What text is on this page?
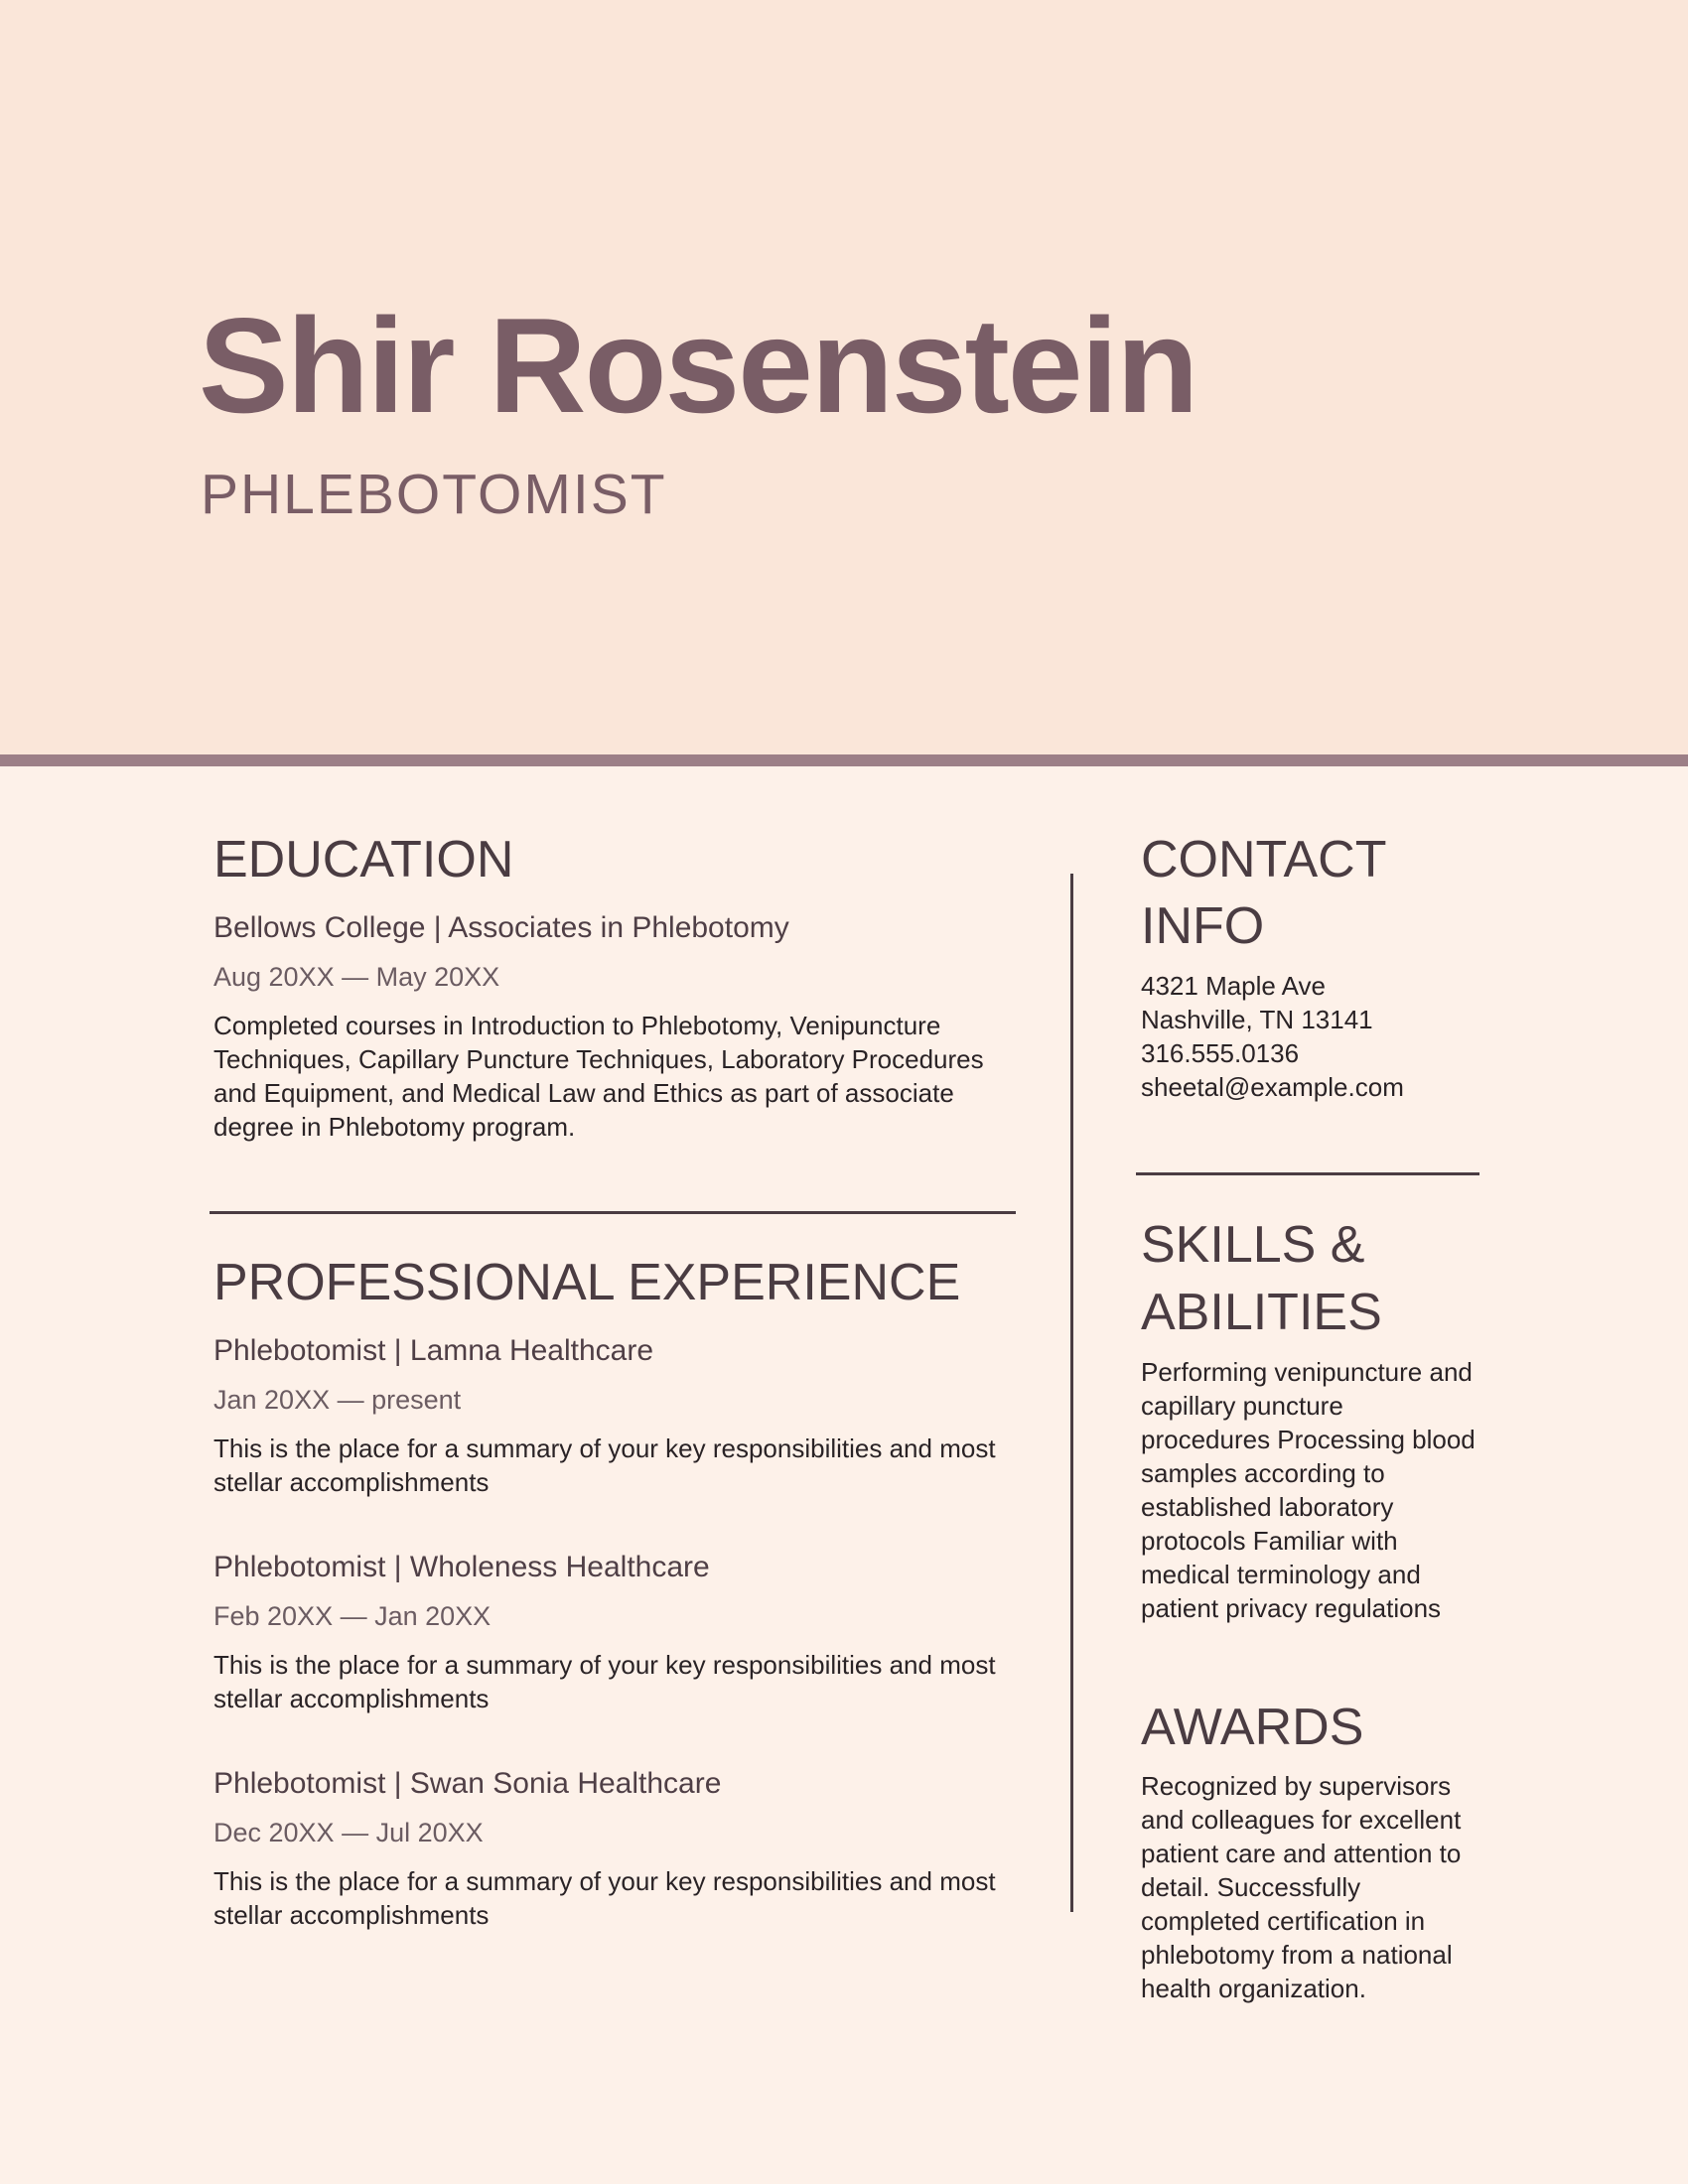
Shir Rosenstein
PHLEBOTOMIST
EDUCATION
Bellows College | Associates in Phlebotomy
Aug 20XX — May 20XX

Completed courses in Introduction to Phlebotomy, Venipuncture Techniques, Capillary Puncture Techniques, Laboratory Procedures and Equipment, and Medical Law and Ethics as part of associate degree in Phlebotomy program.

PROFESSIONAL EXPERIENCE
Phlebotomist | Lamna Healthcare
Jan 20XX — present

This is the place for a summary of your key responsibilities and most stellar accomplishments

Phlebotomist | Wholeness Healthcare
Feb 20XX — Jan 20XX

This is the place for a summary of your key responsibilities and most stellar accomplishments

Phlebotomist | Swan Sonia Healthcare
Dec 20XX — Jul 20XX

This is the place for a summary of your key responsibilities and most stellar accomplishments

CONTACT
INFO
4321 Maple Ave
Nashville, TN 13141
316.555.0136
sheetal@example.com
SKILLS &
ABILITIES

Performing venipuncture and capillary puncture procedures Processing blood samples according to established laboratory protocols Familiar with medical terminology and patient privacy regulations

AWARDS

Recognized by supervisors and colleagues for excellent patient care and attention to detail. Successfully completed certification in phlebotomy from a national health organization.
